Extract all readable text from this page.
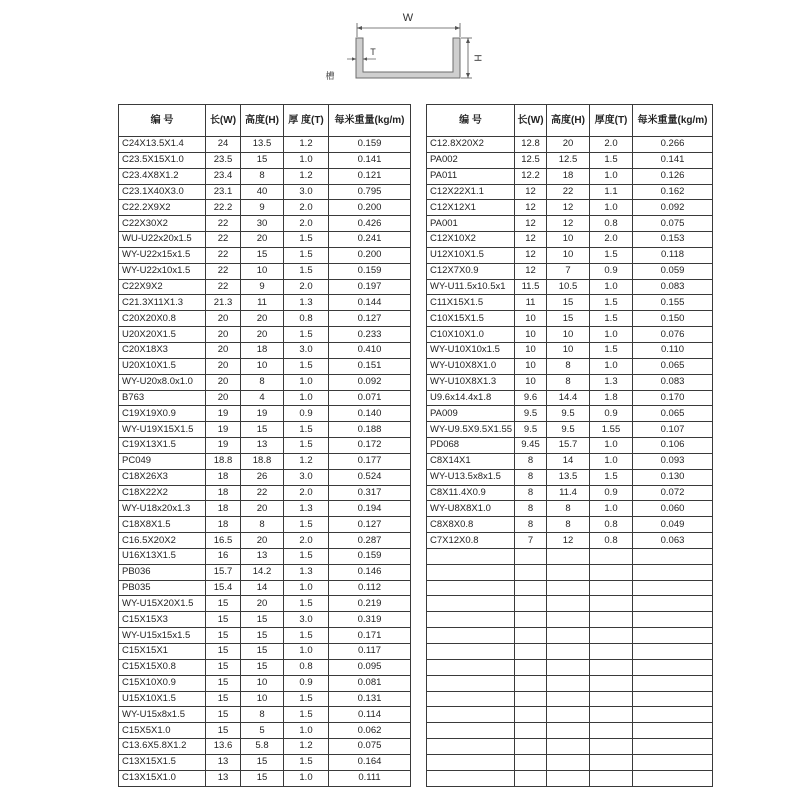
W
T
H
槽
编 号	长(W)	高度(H)	厚 度(T)	每米重量(kg/m)
C24X13.5X1.4	24	13.5	1.2	0.159
C23.5X15X1.0	23.5	15	1.0	0.141
C23.4X8X1.2	23.4	8	1.2	0.121
C23.1X40X3.0	23.1	40	3.0	0.795
C22.2X9X2	22.2	9	2.0	0.200
C22X30X2	22	30	2.0	0.426
WU-U22x20x1.5	22	20	1.5	0.241
WY-U22x15x1.5	22	15	1.5	0.200
WY-U22x10x1.5	22	10	1.5	0.159
C22X9X2	22	9	2.0	0.197
C21.3X11X1.3	21.3	11	1.3	0.144
C20X20X0.8	20	20	0.8	0.127
U20X20X1.5	20	20	1.5	0.233
C20X18X3	20	18	3.0	0.410
U20X10X1.5	20	10	1.5	0.151
WY-U20x8.0x1.0	20	8	1.0	0.092
B763	20	4	1.0	0.071
C19X19X0.9	19	19	0.9	0.140
WY-U19X15X1.5	19	15	1.5	0.188
C19X13X1.5	19	13	1.5	0.172
PC049	18.8	18.8	1.2	0.177
C18X26X3	18	26	3.0	0.524
C18X22X2	18	22	2.0	0.317
WY-U18x20x1.3	18	20	1.3	0.194
C18X8X1.5	18	8	1.5	0.127
C16.5X20X2	16.5	20	2.0	0.287
U16X13X1.5	16	13	1.5	0.159
PB036	15.7	14.2	1.3	0.146
PB035	15.4	14	1.0	0.112
WY-U15X20X1.5	15	20	1.5	0.219
C15X15X3	15	15	3.0	0.319
WY-U15x15x1.5	15	15	1.5	0.171
C15X15X1	15	15	1.0	0.117
C15X15X0.8	15	15	0.8	0.095
C15X10X0.9	15	10	0.9	0.081
U15X10X1.5	15	10	1.5	0.131
WY-U15x8x1.5	15	8	1.5	0.114
C15X5X1.0	15	5	1.0	0.062
C13.6X5.8X1.2	13.6	5.8	1.2	0.075
C13X15X1.5	13	15	1.5	0.164
C13X15X1.0	13	15	1.0	0.111
编 号	长(W)	高度(H)	厚度(T)	每米重量(kg/m)
C12.8X20X2	12.8	20	2.0	0.266
PA002	12.5	12.5	1.5	0.141
PA011	12.2	18	1.0	0.126
C12X22X1.1	12	22	1.1	0.162
C12X12X1	12	12	1.0	0.092
PA001	12	12	0.8	0.075
C12X10X2	12	10	2.0	0.153
U12X10X1.5	12	10	1.5	0.118
C12X7X0.9	12	7	0.9	0.059
WY-U11.5x10.5x1	11.5	10.5	1.0	0.083
C11X15X1.5	11	15	1.5	0.155
C10X15X1.5	10	15	1.5	0.150
C10X10X1.0	10	10	1.0	0.076
WY-U10X10x1.5	10	10	1.5	0.110
WY-U10X8X1.0	10	8	1.0	0.065
WY-U10X8X1.3	10	8	1.3	0.083
U9.6x14.4x1.8	9.6	14.4	1.8	0.170
PA009	9.5	9.5	0.9	0.065
WY-U9.5X9.5X1.55	9.5	9.5	1.55	0.107
PD068	9.45	15.7	1.0	0.106
C8X14X1	8	14	1.0	0.093
WY-U13.5x8x1.5	8	13.5	1.5	0.130
C8X11.4X0.9	8	11.4	0.9	0.072
WY-U8X8X1.0	8	8	1.0	0.060
C8X8X0.8	8	8	0.8	0.049
C7X12X0.8	7	12	0.8	0.063
